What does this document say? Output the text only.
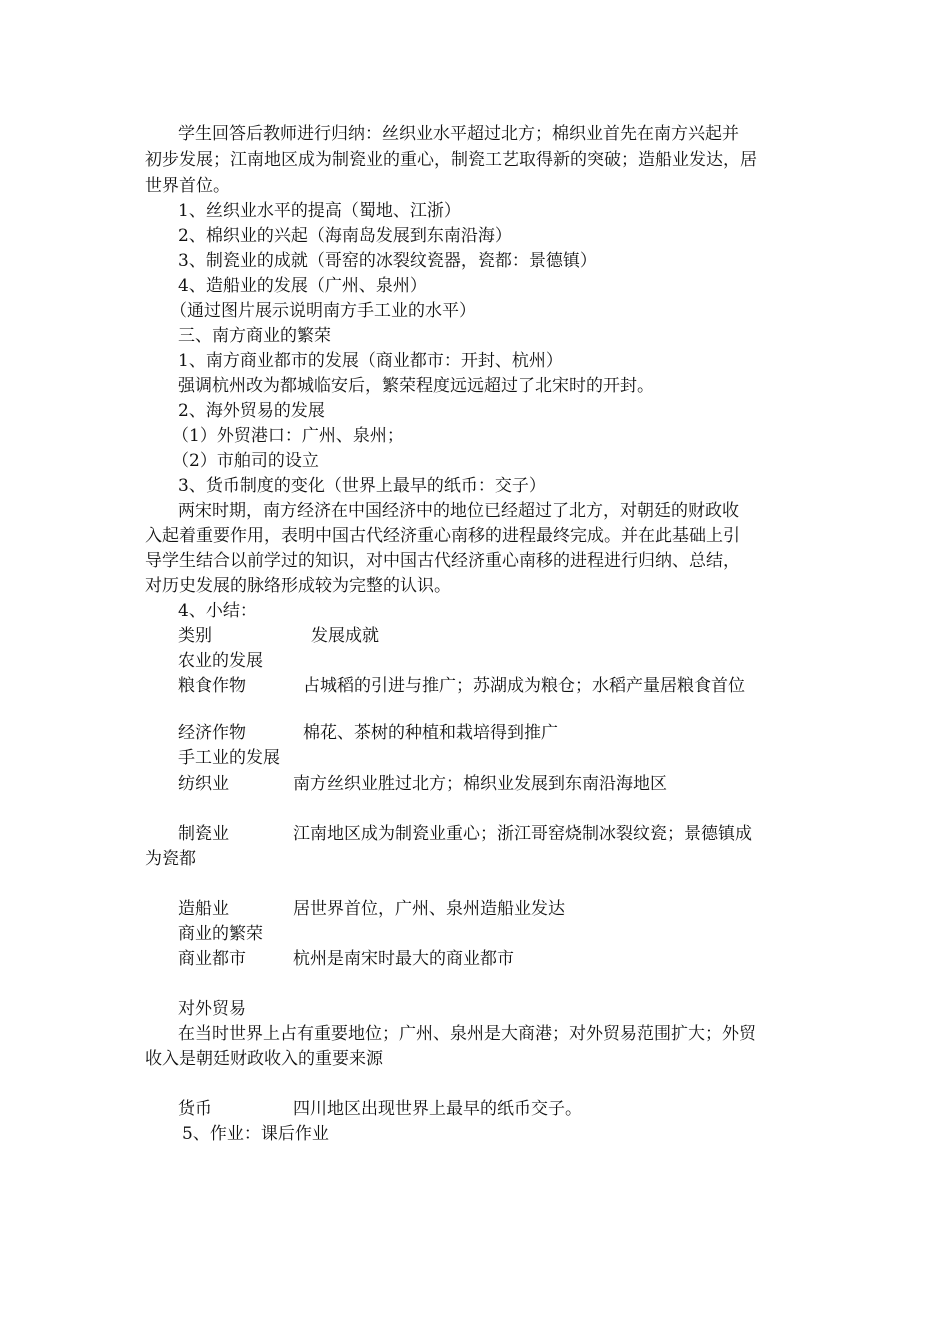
学生回答后教师进行归纳：丝织业水平超过北方；棉织业首先在南方兴起并
初步发展；江南地区成为制瓷业的重心，制瓷工艺取得新的突破；造船业发达，居
世界首位。
1、丝织业水平的提高（蜀地、江浙）
2、棉织业的兴起（海南岛发展到东南沿海）
3、制瓷业的成就（哥窑的冰裂纹瓷器，瓷都：景德镇）
4、造船业的发展（广州、泉州）
（通过图片展示说明南方手工业的水平）
三、南方商业的繁荣
1、南方商业都市的发展（商业都市：开封、杭州）
强调杭州改为都城临安后，繁荣程度远远超过了北宋时的开封。
2、海外贸易的发展
（1）外贸港口：广州、泉州；
（2）市舶司的设立
3、货币制度的变化（世界上最早的纸币：交子）
两宋时期，南方经济在中国经济中的地位已经超过了北方，对朝廷的财政收
入起着重要作用，表明中国古代经济重心南移的进程最终完成。并在此基础上引
导学生结合以前学过的知识，对中国古代经济重心南移的进程进行归纳、总结，
对历史发展的脉络形成较为完整的认识。
4、小结：
类别	发展成就
农业的发展
粮食作物	占城稻的引进与推广；苏湖成为粮仓；水稻产量居粮食首位
经济作物	棉花、茶树的种植和栽培得到推广
手工业的发展
纺织业	南方丝织业胜过北方；棉织业发展到东南沿海地区
制瓷业	江南地区成为制瓷业重心；浙江哥窑烧制冰裂纹瓷；景德镇成
为瓷都
造船业	居世界首位，广州、泉州造船业发达
商业的繁荣
商业都市	杭州是南宋时最大的商业都市
对外贸易
在当时世界上占有重要地位；广州、泉州是大商港；对外贸易范围扩大；外贸
收入是朝廷财政收入的重要来源
货币	四川地区出现世界上最早的纸币交子。
5、作业：课后作业
